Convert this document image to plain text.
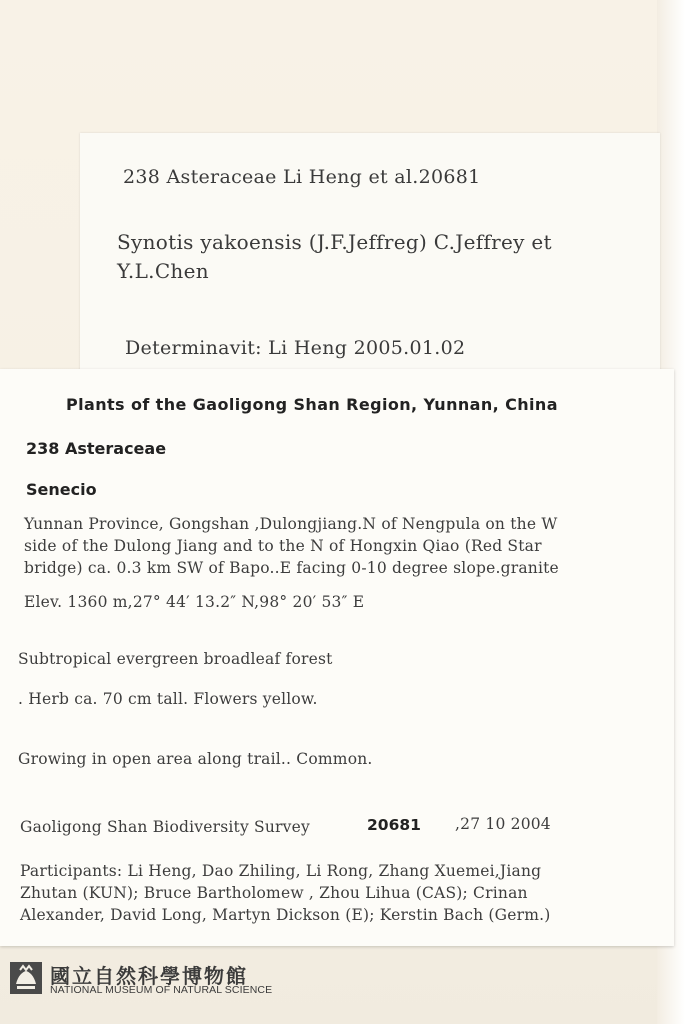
238 Asteraceae Li Heng et al.20681
Synotis yakoensis (J.F.Jeffreg) C.Jeffrey et
Y.L.Chen
Determinavit: Li Heng 2005.01.02
Plants of the Gaoligong Shan Region, Yunnan, China
238 Asteraceae
Senecio
Yunnan Province, Gongshan ,Dulongjiang.N of Nengpula on the W
side of the Dulong Jiang and to the N of Hongxin Qiao (Red Star
bridge) ca. 0.3 km SW of Bapo..E facing 0-10 degree slope.granite
Elev. 1360 m,27° 44′ 13.2″ N,98° 20′ 53″ E
Subtropical evergreen broadleaf forest
. Herb ca. 70 cm tall. Flowers yellow.
Growing in open area along trail.. Common.
Gaoligong Shan Biodiversity Survey	20681 ,27 10 2004
Participants: Li Heng, Dao Zhiling, Li Rong, Zhang Xuemei,Jiang
Zhutan (KUN); Bruce Bartholomew , Zhou Lihua (CAS); Crinan
Alexander, David Long, Martyn Dickson (E); Kerstin Bach (Germ.)
國立自然科學博物館
NATIONAL MUSEUM OF NATURAL SCIENCE
